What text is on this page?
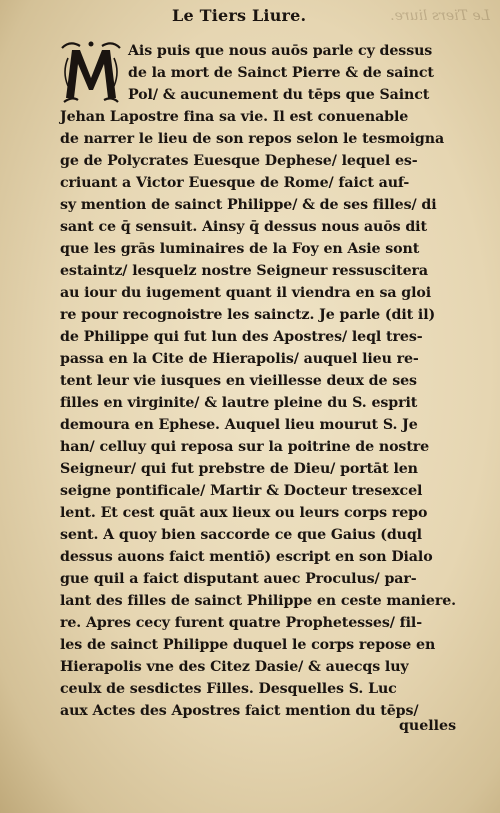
Le Tiers liure.
Le Tiers Liure.
M
Ais puis que nous auōs parle cy dessus
de la mort de Sainct Pierre & de sainct
Pol/ & aucunement du tēps que Sainct
Jehan Lapostre fina sa vie. Il est conuenable
de narrer le lieu de son repos selon le tesmoigna
ge de Polycrates Euesque Dephese/ lequel es-
criuant a Victor Euesque de Rome/ faict auf-
sy mention de sainct Philippe/ & de ses filles/ di
sant ce q̄ sensuit. Ainsy q̄ dessus nous auōs dit
que les grās luminaires de la Foy en Asie sont
estaintz/ lesquelz nostre Seigneur ressuscitera
au iour du iugement quant il viendra en sa gloi
re pour recognoistre les sainctz. Je parle (dit il)
de Philippe qui fut lun des Apostres/ leql tres-
passa en la Cite de Hierapolis/ auquel lieu re-
tent leur vie iusques en vieillesse deux de ses
filles en virginite/ & lautre pleine du S. esprit
demoura en Ephese. Auquel lieu mourut S. Je
han/ celluy qui reposa sur la poitrine de nostre
Seigneur/ qui fut prebstre de Dieu/ portāt len
seigne pontificale/ Martir & Docteur tresexcel
lent. Et cest quāt aux lieux ou leurs corps repo
sent. A quoy bien saccorde ce que Gaius (duql
dessus auons faict mentiō) escript en son Dialo
gue quil a faict disputant auec Proculus/ par-
lant des filles de sainct Philippe en ceste maniere.
re. Apres cecy furent quatre Prophetesses/ fil-
les de sainct Philippe duquel le corps repose en
Hierapolis vne des Citez Dasie/ & auecqs luy
ceulx de sesdictes Filles. Desquelles S. Luc
aux Actes des Apostres faict mention du tēps/
quelles
